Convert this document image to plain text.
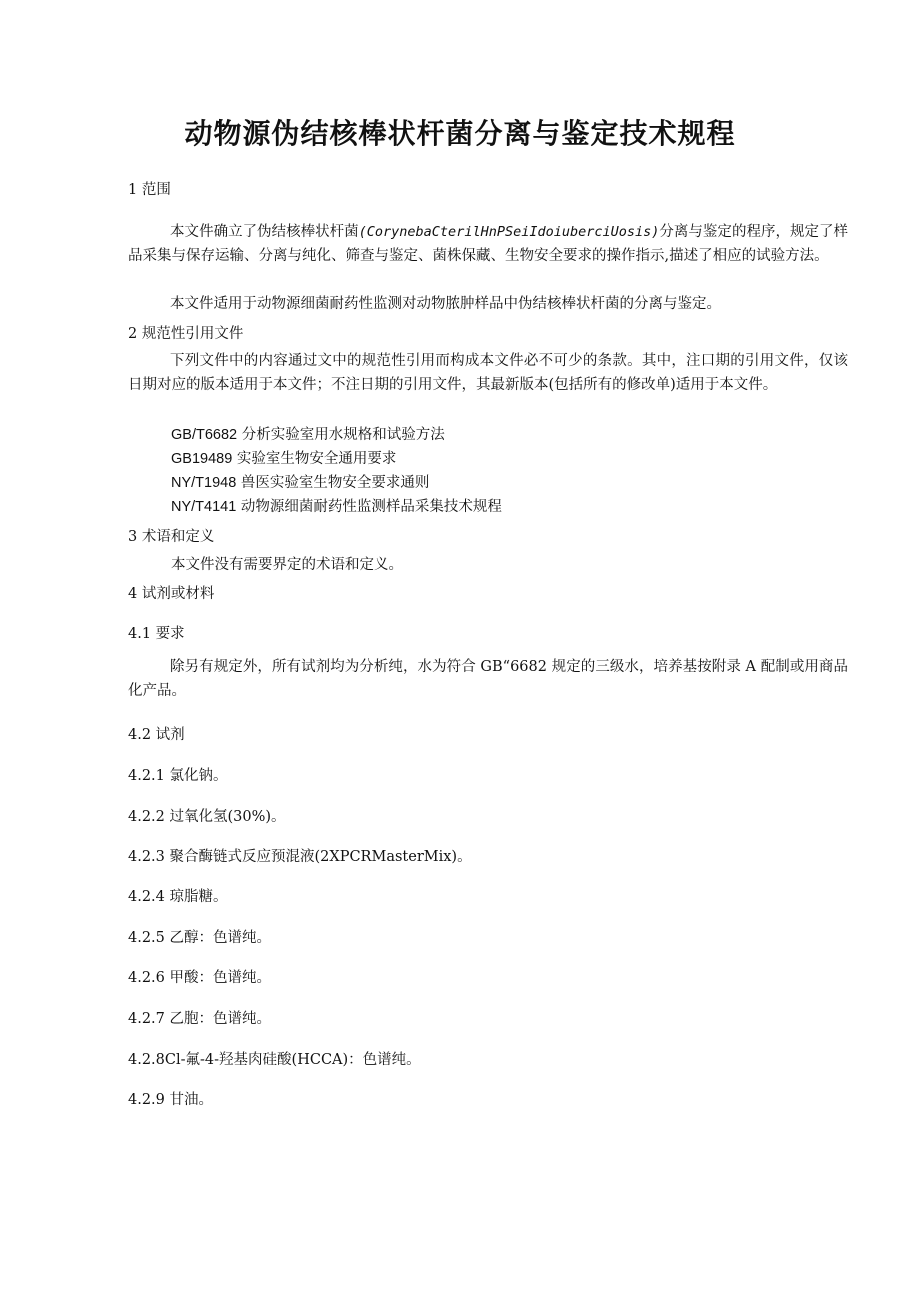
动物源伪结核棒状杆菌分离与鉴定技术规程
1 范围
本文件确立了伪结核棒状杆菌(CorynebaCterilHnPSeiIdoiuberciUosis)分离与鉴定的程序，规定了样品采集与保存运输、分离与纯化、筛查与鉴定、菌株保藏、生物安全要求的操作指示,描述了相应的试验方法。
本文件适用于动物源细菌耐药性监测对动物脓肿样品中伪结核棒状杆菌的分离与鉴定。
2 规范性引用文件
下列文件中的内容通过文中的规范性引用而构成本文件必不可少的条款。其中，注口期的引用文件，仅该日期对应的版本适用于本文件；不注日期的引用文件，其最新版本(包括所有的修改单)适用于本文件。
GB/T6682 分析实验室用水规格和试验方法
GB19489 实验室生物安全通用要求
NY/T1948 兽医实验室生物安全要求通则
NY/T4141 动物源细菌耐药性监测样品采集技术规程
3 术语和定义
本文件没有需要界定的术语和定义。
4 试剂或材料
4.1 要求
除另有规定外，所有试剂均为分析纯，水为符合 GB“6682 规定的三级水，培养基按附录 A 配制或用商品化产品。
4.2 试剂
4.2.1 氯化钠。
4.2.2 过氧化氢(30%)。
4.2.3 聚合酶链式反应预混液(2XPCRMasterMix)。
4.2.4 琼脂糖。
4.2.5 乙醇：色谱纯。
4.2.6 甲酸：色谱纯。
4.2.7 乙胞：色谱纯。
4.2.8Cl-氟-4-羟基肉硅酸(HCCA)：色谱纯。
4.2.9 甘油。
